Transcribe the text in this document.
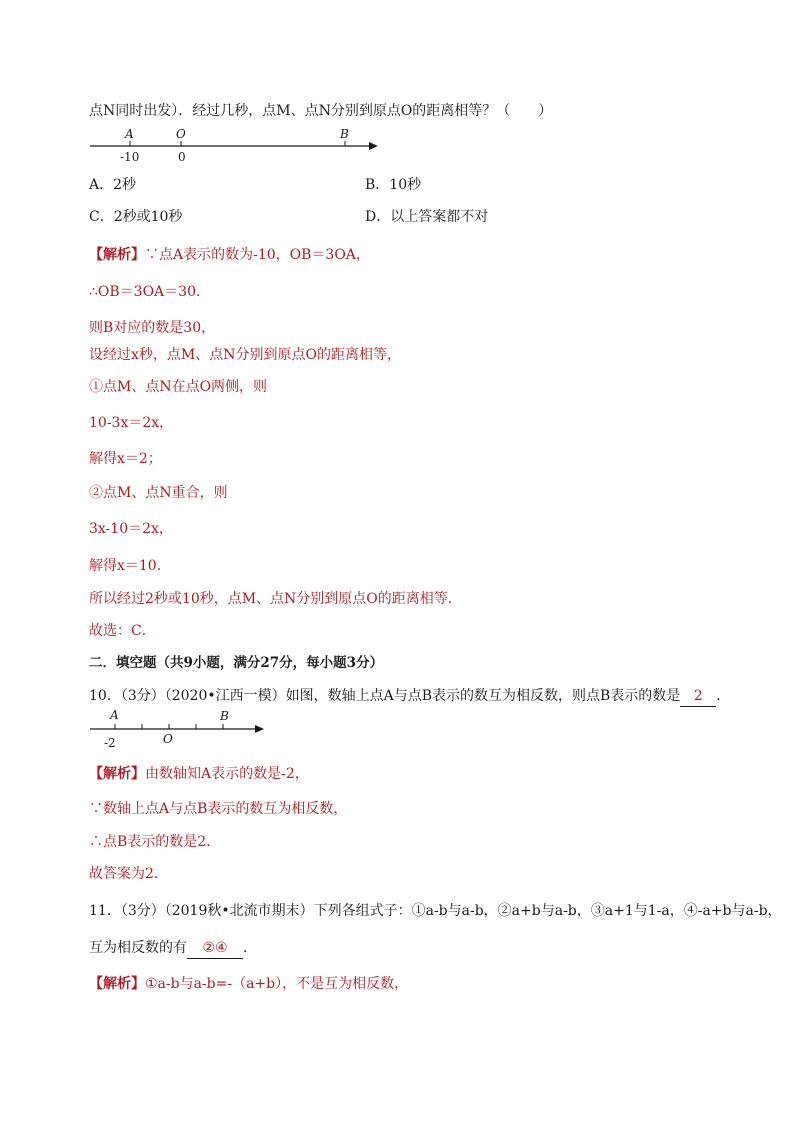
点N同时出发）．经过几秒，点M、点N分别到原点O的距离相等？（　　）
A	O	B
-10	0
A．2秒	B．10秒
C．2秒或10秒	D．以上答案都不对
【解析】∵点A表示的数为-10，OB＝3OA，
∴OB＝3OA＝30．
则B对应的数是30，
设经过x秒，点M、点N分别到原点O的距离相等，
①点M、点N在点O两侧，则
10-3x＝2x，
解得x＝2；
②点M、点N重合，则
3x-10＝2x，
解得x＝10．
所以经过2秒或10秒，点M、点N分别到原点O的距离相等．
故选：C．
二．填空题（共9小题，满分27分，每小题3分）
10．（3分）（2020•江西一模）如图，数轴上点A与点B表示的数互为相反数，则点B表示的数是 2 ．
A	B
O
-2
【解析】由数轴知A表示的数是-2，
∵数轴上点A与点B表示的数互为相反数，
∴点B表示的数是2．
故答案为2．
11．（3分）（2019秋•北流市期末）下列各组式子：①a-b与a-b，②a+b与a-b，③a+1与1-a，④-a+b与a-b，
互为相反数的有 ②④ ．
【解析】①a-b与a-b=-（a+b），不是互为相反数，
